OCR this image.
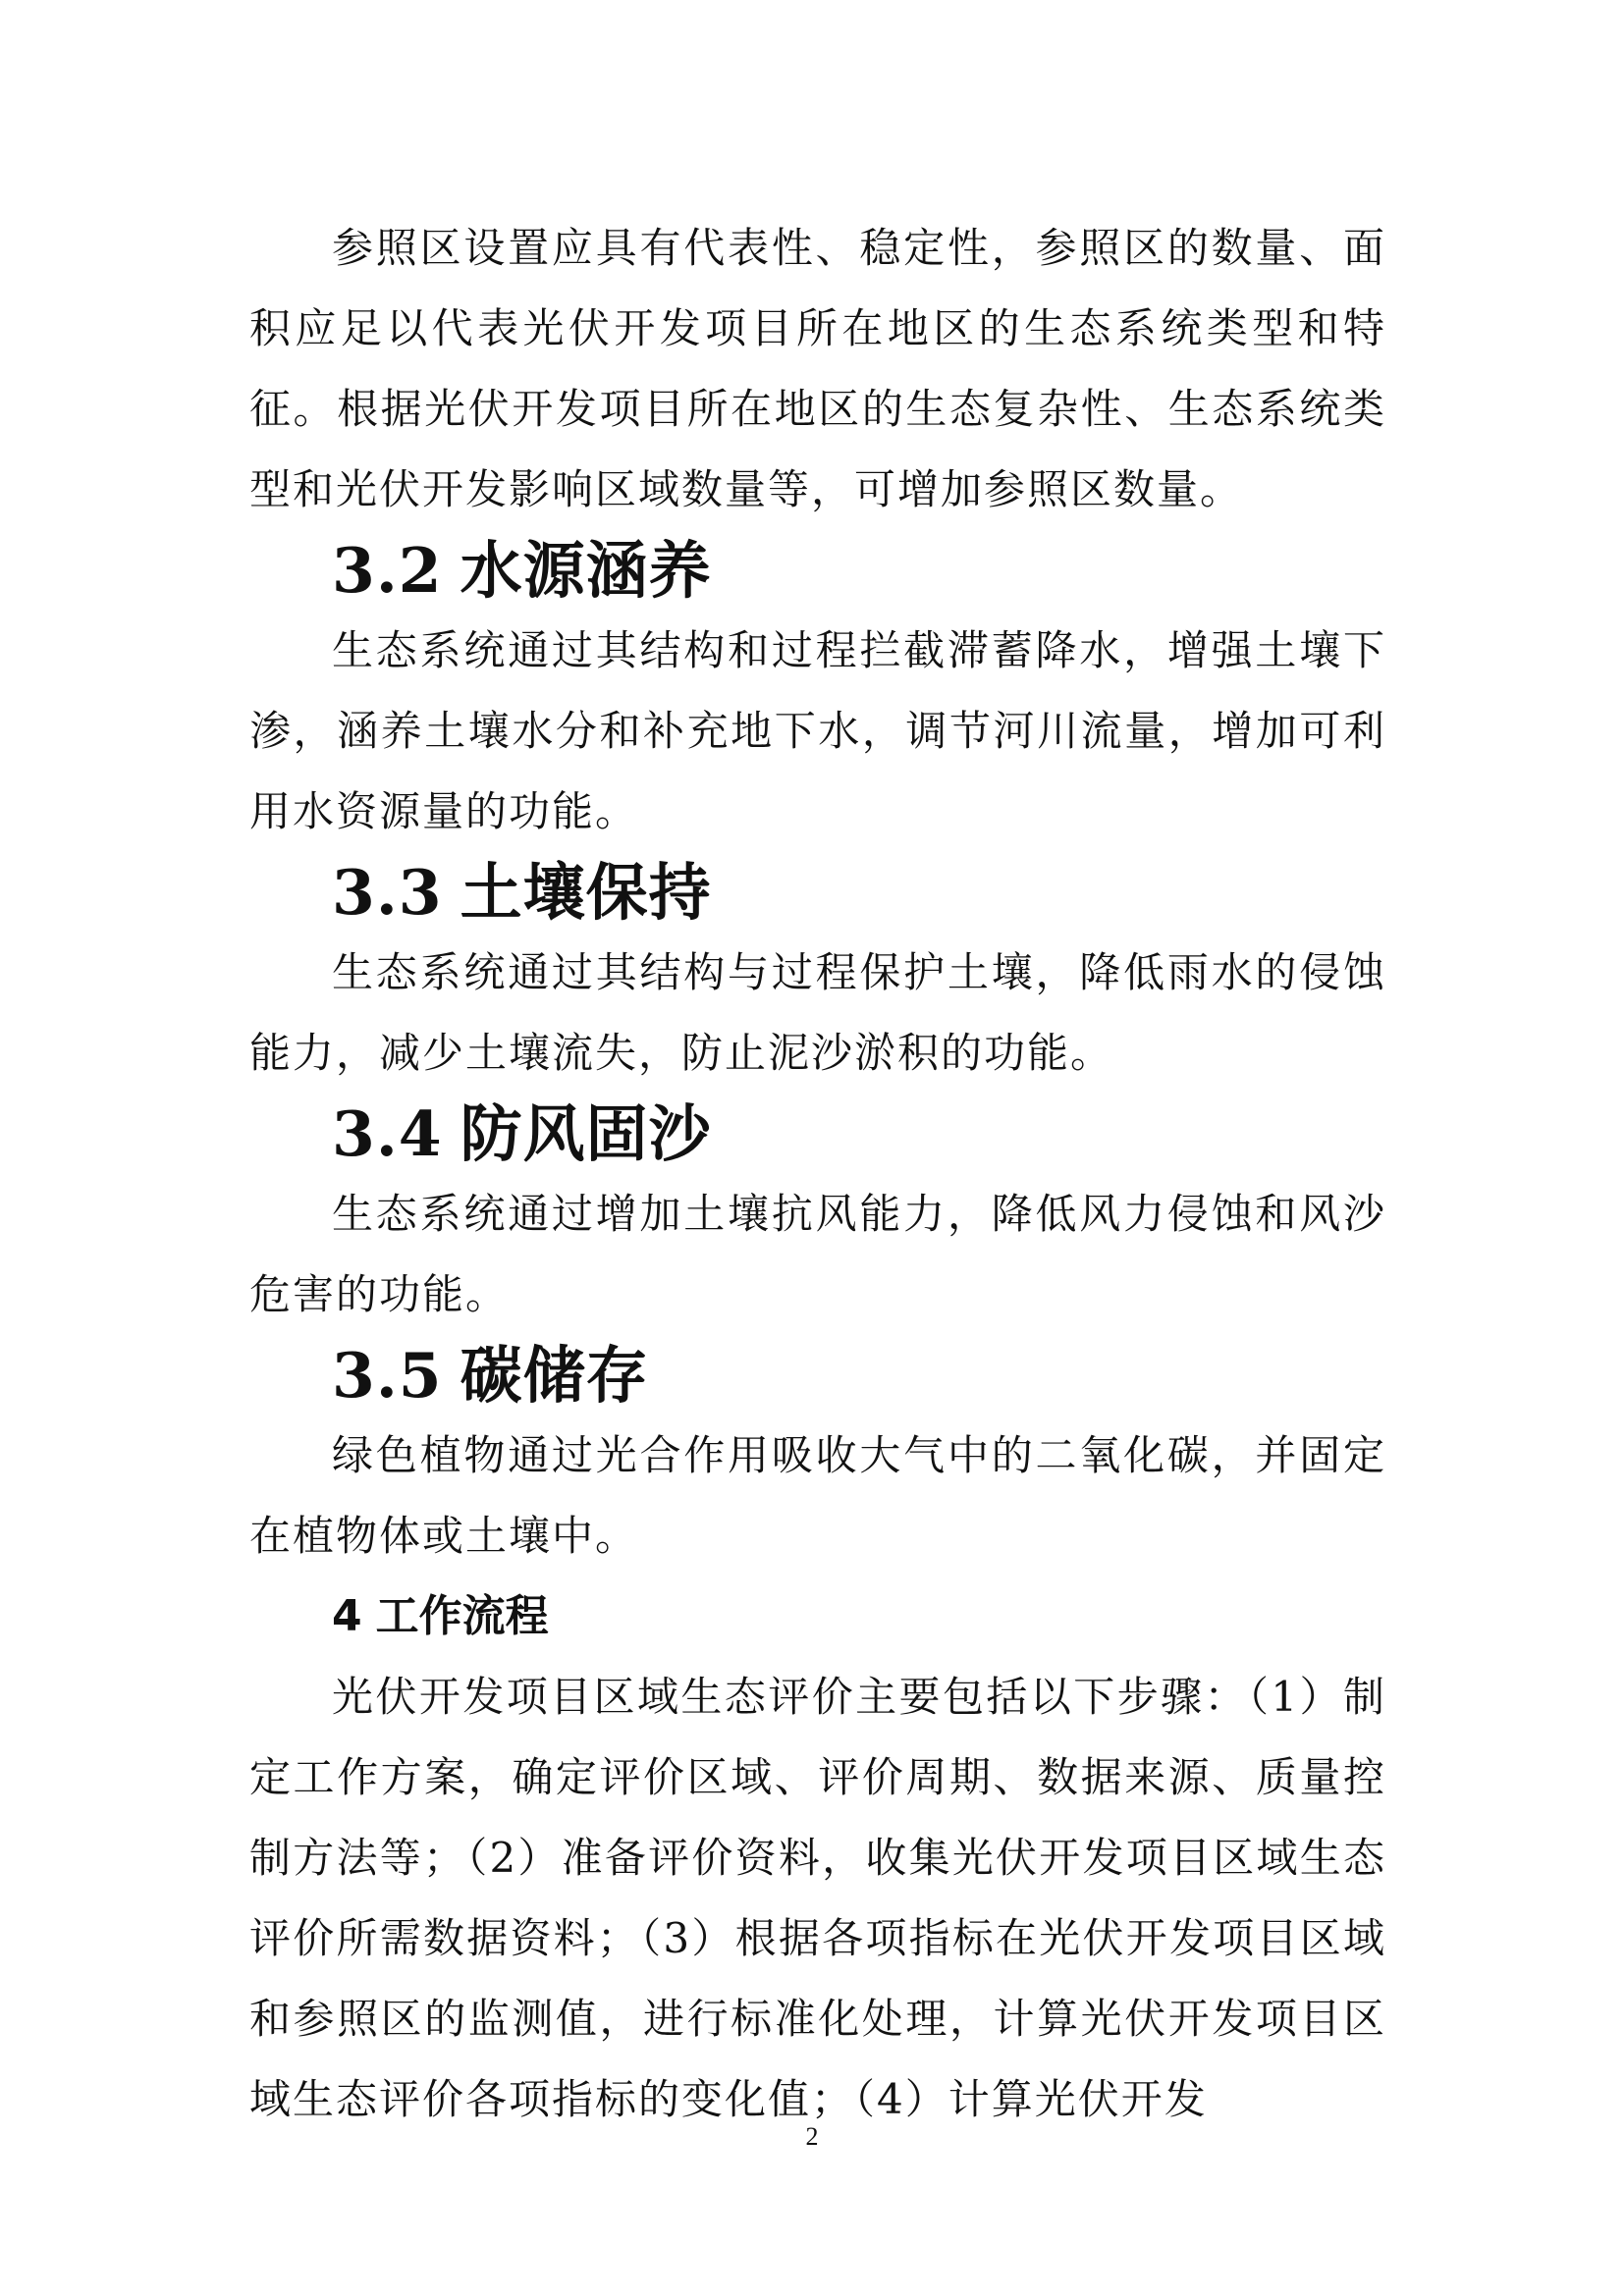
参照区设置应具有代表性、稳定性，参照区的数量、面积应足以代表光伏开发项目所在地区的生态系统类型和特征。根据光伏开发项目所在地区的生态复杂性、生态系统类型和光伏开发影响区域数量等，可增加参照区数量。

3.2 水源涵养

生态系统通过其结构和过程拦截滞蓄降水，增强土壤下渗，涵养土壤水分和补充地下水，调节河川流量，增加可利用水资源量的功能。

3.3 土壤保持

生态系统通过其结构与过程保护土壤，降低雨水的侵蚀能力，减少土壤流失，防止泥沙淤积的功能。

3.4 防风固沙

生态系统通过增加土壤抗风能力，降低风力侵蚀和风沙危害的功能。

3.5 碳储存

绿色植物通过光合作用吸收大气中的二氧化碳，并固定在植物体或土壤中。

4 工作流程

光伏开发项目区域生态评价主要包括以下步骤：（1）制定工作方案，确定评价区域、评价周期、数据来源、质量控制方法等；（2）准备评价资料，收集光伏开发项目区域生态评价所需数据资料；（3）根据各项指标在光伏开发项目区域和参照区的监测值，进行标准化处理，计算光伏开发项目区域生态评价各项指标的变化值；（4）计算光伏开发

2
